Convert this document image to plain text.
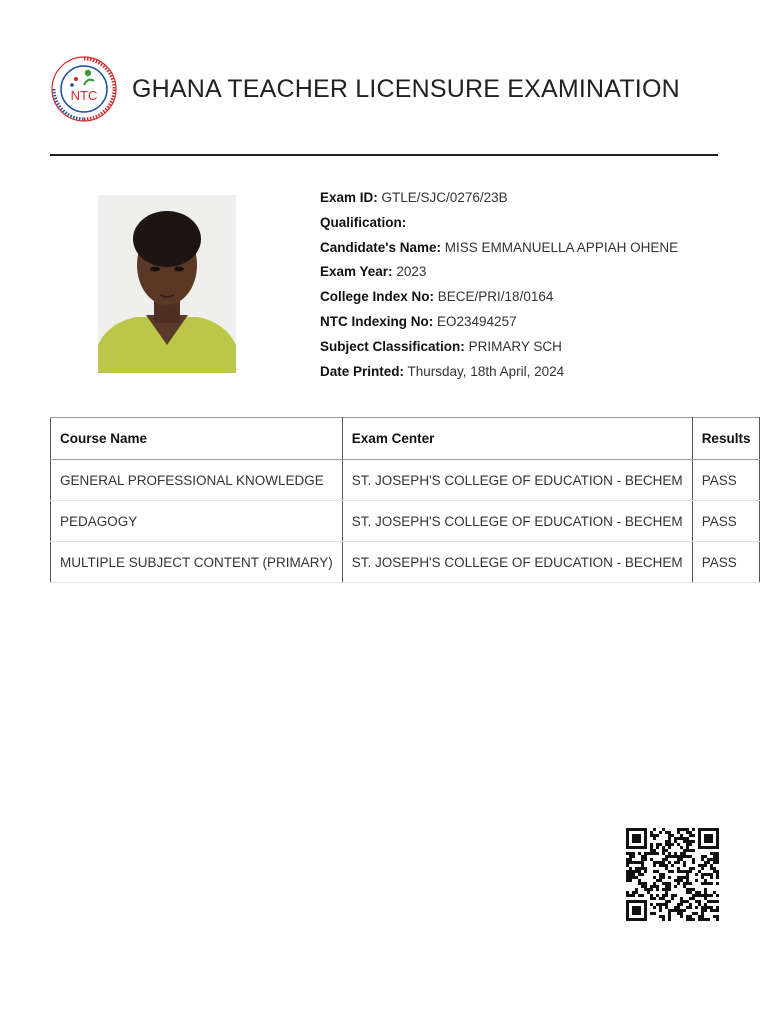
NTC GHANA TEACHER LICENSURE EXAMINATION
Exam ID: GTLE/SJC/0276/23B
Qualification:
Candidate's Name: MISS EMMANUELLA APPIAH OHENE
Exam Year: 2023
College Index No: BECE/PRI/18/0164
NTC Indexing No: EO23494257
Subject Classification: PRIMARY SCH
Date Printed: Thursday, 18th April, 2024
Course Name	Exam Center	Results
GENERAL PROFESSIONAL KNOWLEDGE	ST. JOSEPH'S COLLEGE OF EDUCATION - BECHEM	PASS
PEDAGOGY	ST. JOSEPH'S COLLEGE OF EDUCATION - BECHEM	PASS
MULTIPLE SUBJECT CONTENT (PRIMARY)	ST. JOSEPH'S COLLEGE OF EDUCATION - BECHEM	PASS
